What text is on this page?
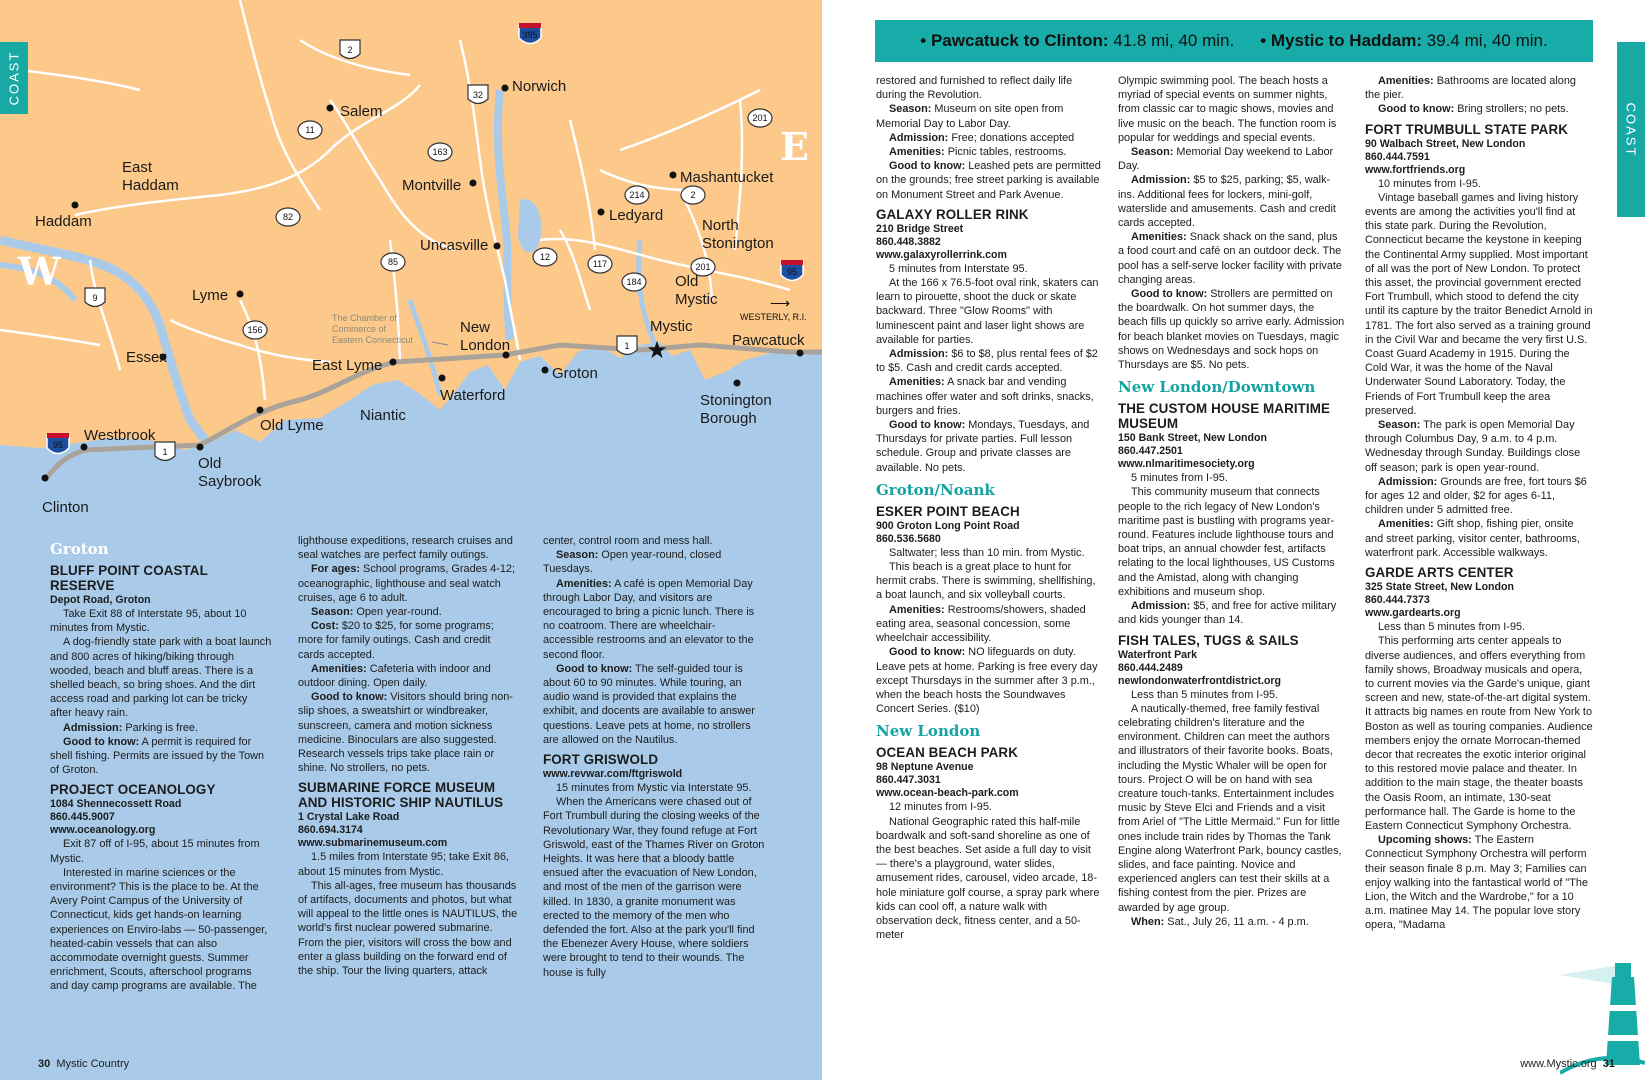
W
E
395
2
32
11
163
201
214	2
82
85	12
117
184
201
9
156
1
1
95
95
East Haddam
Haddam
Salem
Norwich
Montville	Mashantucket
Ledyard
North Stonington
Uncasville
Lyme
Old Mystic
Mystic
Pawcatuck
Essex	East Lyme
New London
Groton
Waterford	Stonington Borough
Niantic
Old Lyme
Westbrook
Old Saybrook
Clinton
★
The Chamber of Commerce of Eastern Connecticut
WESTERLY, R.I.
⟶
COAST
Groton
BLUFF POINT COASTAL RESERVE

Depot Road, Groton

Take Exit 88 of Interstate 95, about 10 minutes from Mystic.

A dog-friendly state park with a boat launch and 800 acres of hiking/biking through wooded, beach and bluff areas. There is a shelled beach, so bring shoes. And the dirt access road and parking lot can be tricky after heavy rain.

Admission: Parking is free.

Good to know: A permit is required for shell fishing. Permits are issued by the Town of Groton.

PROJECT OCEANOLOGY

1084 Shennecossett Road

860.445.9007

www.oceanology.org

Exit 87 off of I-95, about 15 minutes from Mystic.

Interested in marine sciences or the environment? This is the place to be. At the Avery Point Campus of the University of Connecticut, kids get hands-on learning experiences on Enviro-labs — 50-passenger, heated-cabin vessels that can also accommodate overnight guests. Summer enrichment, Scouts, afterschool programs and day camp programs are available. The

lighthouse expeditions, research cruises and seal watches are perfect family outings.

For ages: School programs, Grades 4-12; oceanographic, lighthouse and seal watch cruises, age 6 to adult.

Season: Open year-round.

Cost: $20 to $25, for some programs; more for family outings. Cash and credit cards accepted.

Amenities: Cafeteria with indoor and outdoor dining. Open daily.

Good to know: Visitors should bring non-slip shoes, a sweatshirt or windbreaker, sunscreen, camera and motion sickness medicine. Binoculars are also suggested. Research vessels trips take place rain or shine. No strollers, no pets.

SUBMARINE FORCE MUSEUM AND HISTORIC SHIP NAUTILUS

1 Crystal Lake Road

860.694.3174

www.submarinemuseum.com

1.5 miles from Interstate 95; take Exit 86, about 15 minutes from Mystic.

This all-ages, free museum has thousands of artifacts, documents and photos, but what will appeal to the little ones is NAUTILUS, the world's first nuclear powered submarine. From the pier, visitors will cross the bow and enter a glass building on the forward end of the ship. Tour the living quarters, attack

center, control room and mess hall.

Season: Open year-round, closed Tuesdays.

Amenities: A café is open Memorial Day through Labor Day, and visitors are encouraged to bring a picnic lunch. There is no coatroom. There are wheelchair-accessible restrooms and an elevator to the second floor.

Good to know: The self-guided tour is about 60 to 90 minutes. While touring, an audio wand is provided that explains the exhibit, and docents are available to answer questions. Leave pets at home, no strollers are allowed on the Nautilus.

FORT GRISWOLD

www.revwar.com/ftgriswold

15 minutes from Mystic via Interstate 95.

When the Americans were chased out of Fort Trumbull during the closing weeks of the Revolutionary War, they found refuge at Fort Griswold, east of the Thames River on Groton Heights. It was here that a bloody battle ensued after the evacuation of New London, and most of the men of the garrison were killed. In 1830, a granite monument was erected to the memory of the men who defended the fort. Also at the park you'll find the Ebenezer Avery House, where soldiers were brought to tend to their wounds. The house is fully

30 Mystic Country
COAST

restored and furnished to reflect daily life during the Revolution.

Season: Museum on site open from Memorial Day to Labor Day.

Admission: Free; donations accepted

Amenities: Picnic tables, restrooms.

Good to know: Leashed pets are permitted on the grounds; free street parking is available on Monument Street and Park Avenue.

GALAXY ROLLER RINK

210 Bridge Street

860.448.3882

www.galaxyrollerrink.com

5 minutes from Interstate 95.

At the 166 x 76.5-foot oval rink, skaters can learn to pirouette, shoot the duck or skate backward. Three "Glow Rooms" with luminescent paint and laser light shows are available for parties.

Admission: $6 to $8, plus rental fees of $2 to $5. Cash and credit cards accepted.

Amenities: A snack bar and vending machines offer water and soft drinks, snacks, burgers and fries.

Good to know: Mondays, Tuesdays, and Thursdays for private parties. Full lesson schedule. Group and private classes are available. No pets.

Groton/Noank
ESKER POINT BEACH

900 Groton Long Point Road

860.536.5680

Saltwater; less than 10 min. from Mystic.

This beach is a great place to hunt for hermit crabs. There is swimming, shellfishing, a boat launch, and six volleyball courts.

Amenities: Restrooms/showers, shaded eating area, seasonal concession, some wheelchair accessibility.

Good to know: NO lifeguards on duty. Leave pets at home. Parking is free every day except Thursdays in the summer after 3 p.m., when the beach hosts the Soundwaves Concert Series. ($10)

New London
OCEAN BEACH PARK

98 Neptune Avenue

860.447.3031

www.ocean-beach-park.com

12 minutes from I-95.

National Geographic rated this half-mile boardwalk and soft-sand shoreline as one of the best beaches. Set aside a full day to visit — there's a playground, water slides, amusement rides, carousel, video arcade, 18-hole miniature golf course, a spray park where kids can cool off, a nature walk with observation deck, fitness center, and a 50-meter

Olympic swimming pool. The beach hosts a myriad of special events on summer nights, from classic car to magic shows, movies and live music on the beach. The function room is popular for weddings and special events.

Season: Memorial Day weekend to Labor Day.

Admission: $5 to $25, parking; $5, walk-ins. Additional fees for lockers, mini-golf, waterslide and amusements. Cash and credit cards accepted.

Amenities: Snack shack on the sand, plus a food court and café on an outdoor deck. The pool has a self-serve locker facility with private changing areas.

Good to know: Strollers are permitted on the boardwalk. On hot summer days, the beach fills up quickly so arrive early. Admission for beach blanket movies on Tuesdays, magic shows on Wednesdays and sock hops on Thursdays are $5. No pets.

New London/Downtown
THE CUSTOM HOUSE MARITIME MUSEUM

150 Bank Street, New London

860.447.2501

www.nlmaritimesociety.org

5 minutes from I-95.

This community museum that connects people to the rich legacy of New London's maritime past is bustling with programs year-round. Features include lighthouse tours and boat trips, an annual chowder fest, artifacts relating to the local lighthouses, US Customs and the Amistad, along with changing exhibitions and museum shop.

Admission: $5, and free for active military and kids younger than 14.

FISH TALES, TUGS & SAILS

Waterfront Park

860.444.2489

newlondonwaterfrontdistrict.org

Less than 5 minutes from I-95.

A nautically-themed, free family festival celebrating children's literature and the environment. Children can meet the authors and illustrators of their favorite books. Boats, including the Mystic Whaler will be open for tours. Project O will be on hand with sea creature touch-tanks. Entertainment includes music by Steve Elci and Friends and a visit from Ariel of "The Little Mermaid." Fun for little ones include train rides by Thomas the Tank Engine along Waterfront Park, bouncy castles, slides, and face painting. Novice and experienced anglers can test their skills at a fishing contest from the pier. Prizes are awarded by age group.

When: Sat., July 26, 11 a.m. - 4 p.m.

Amenities: Bathrooms are located along the pier.

Good to know: Bring strollers; no pets.

FORT TRUMBULL STATE PARK

90 Walbach Street, New London

860.444.7591

www.fortfriends.org

10 minutes from I-95.

Vintage baseball games and living history events are among the activities you'll find at this state park. During the Revolution, Connecticut became the keystone in keeping the Continental Army supplied. Most important of all was the port of New London. To protect this asset, the provincial government erected Fort Trumbull, which stood to defend the city until its capture by the traitor Benedict Arnold in 1781. The fort also served as a training ground in the Civil War and became the very first U.S. Coast Guard Academy in 1915. During the Cold War, it was the home of the Naval Underwater Sound Laboratory. Today, the Friends of Fort Trumbull keep the area preserved.

Season: The park is open Memorial Day through Columbus Day, 9 a.m. to 4 p.m. Wednesday through Sunday. Buildings close off season; park is open year-round.

Admission: Grounds are free, fort tours $6 for ages 12 and older, $2 for ages 6-11, children under 5 admitted free.

Amenities: Gift shop, fishing pier, onsite and street parking, visitor center, bathrooms, waterfront park. Accessible walkways.

GARDE ARTS CENTER

325 State Street, New London

860.444.7373

www.gardearts.org

Less than 5 minutes from I-95.

This performing arts center appeals to diverse audiences, and offers everything from family shows, Broadway musicals and opera, to current movies via the Garde's unique, giant screen and new, state-of-the-art digital system. It attracts big names en route from New York to Boston as well as touring companies. Audience members enjoy the ornate Morrocan-themed decor that recreates the exotic interior original to this restored movie palace and theater. In addition to the main stage, the theater boasts the Oasis Room, an intimate, 130-seat performance hall. The Garde is home to the Eastern Connecticut Symphony Orchestra.

Upcoming shows: The Eastern Connecticut Symphony Orchestra will perform their season finale 8 p.m. May 3; Families can enjoy walking into the fantastical world of "The Lion, the Witch and the Wardrobe," for a 10 a.m. matinee May 14. The popular love story opera, "Madama

www.Mystic.org 31
• Pawcatuck to Clinton: 41.8 mi, 40 min. • Mystic to Haddam: 39.4 mi, 40 min.
